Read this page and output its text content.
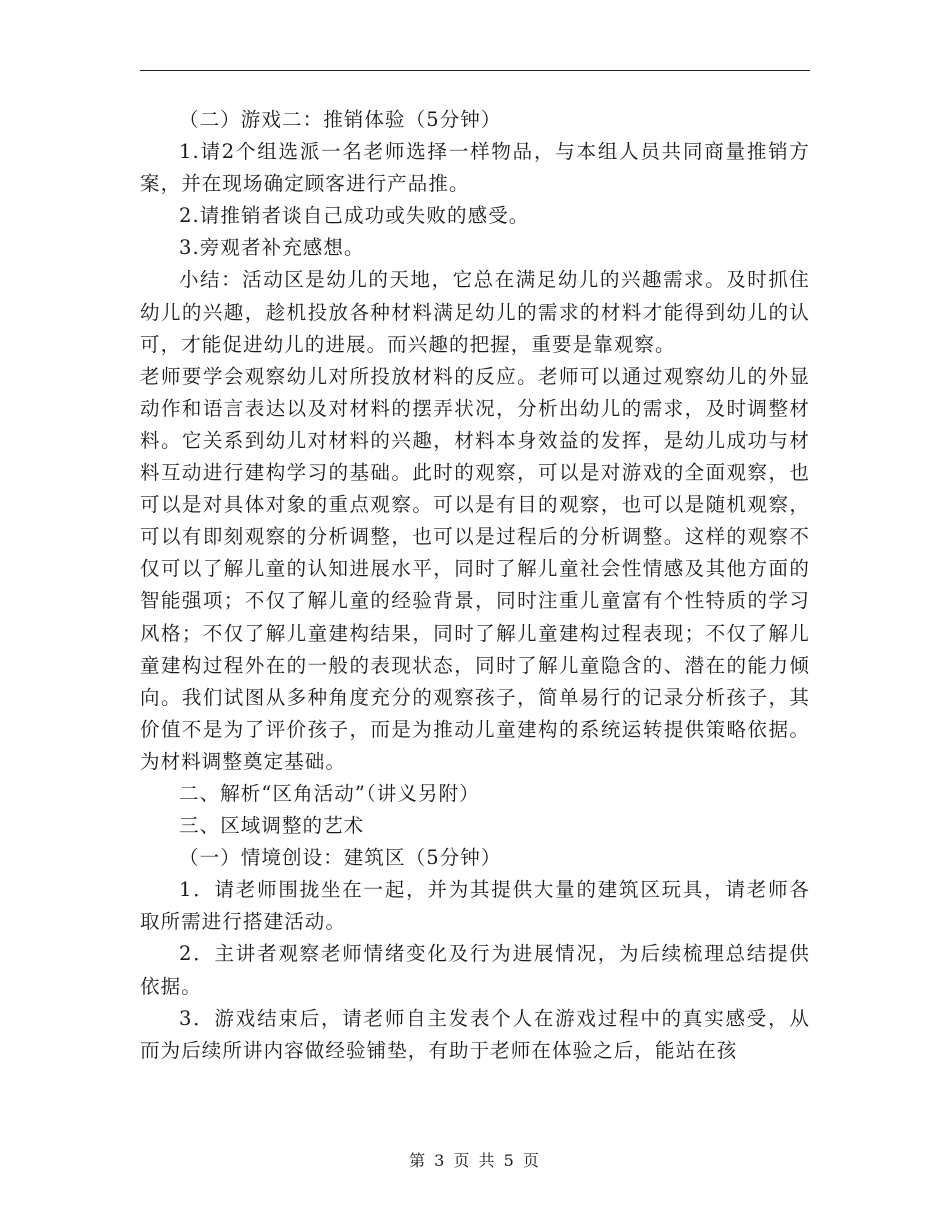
（二）游戏二：推销体验（5分钟）

1.请2个组选派一名老师选择一样物品，与本组人员共同商量推销方案，并在现场确定顾客进行产品推。

2.请推销者谈自己成功或失败的感受。

3.旁观者补充感想。

小结：活动区是幼儿的天地，它总在满足幼儿的兴趣需求。及时抓住幼儿的兴趣，趁机投放各种材料满足幼儿的需求的材料才能得到幼儿的认可，才能促进幼儿的进展。而兴趣的把握，重要是靠观察。

老师要学会观察幼儿对所投放材料的反应。老师可以通过观察幼儿的外显动作和语言表达以及对材料的摆弄状况，分析出幼儿的需求，及时调整材料。它关系到幼儿对材料的兴趣，材料本身效益的发挥，是幼儿成功与材料互动进行建构学习的基础。此时的观察，可以是对游戏的全面观察，也可以是对具体对象的重点观察。可以是有目的观察，也可以是随机观察，可以有即刻观察的分析调整，也可以是过程后的分析调整。这样的观察不仅可以了解儿童的认知进展水平，同时了解儿童社会性情感及其他方面的智能强项；不仅了解儿童的经验背景，同时注重儿童富有个性特质的学习风格；不仅了解儿童建构结果，同时了解儿童建构过程表现；不仅了解儿童建构过程外在的一般的表现状态，同时了解儿童隐含的、潜在的能力倾向。我们试图从多种角度充分的观察孩子，简单易行的记录分析孩子，其价值不是为了评价孩子，而是为推动儿童建构的系统运转提供策略依据。为材料调整奠定基础。

二、解析“区角活动”（讲义另附）

三、区域调整的艺术

（一）情境创设：建筑区（5分钟）

1．请老师围拢坐在一起，并为其提供大量的建筑区玩具，请老师各取所需进行搭建活动。

2．主讲者观察老师情绪变化及行为进展情况，为后续梳理总结提供依据。

3．游戏结束后，请老师自主发表个人在游戏过程中的真实感受，从而为后续所讲内容做经验铺垫，有助于老师在体验之后，能站在孩

第 3 页 共 5 页
